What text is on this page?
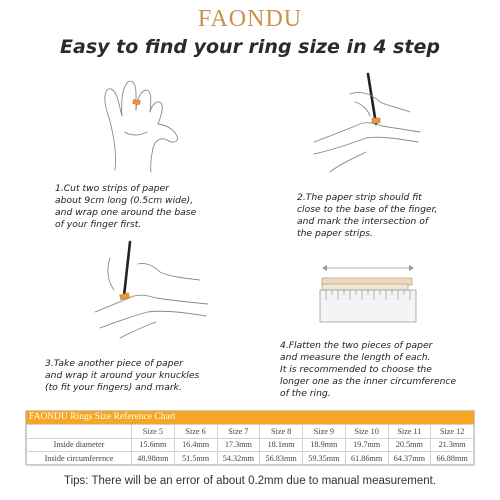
FAONDU
Easy to find your ring size in 4 step
1.Cut two strips of paper
about 9cm long (0.5cm wide),
and wrap one around the base
of your finger first.
2.The paper strip should fit
close to the base of the finger,
and mark the intersection of
the paper strips.
3.Take another piece of paper
and wrap it around your knuckles
(to fit your fingers) and mark.
4.Flatten the two pieces of paper
and measure the length of each.
It is recommended to choose the
longer one as the inner circumference
of the ring.
FAONDU Rings Size Reference Chart
	Size 5	Size 6	Size 7	Size 8	Size 9	Size 10	Size 11	Size 12
Inside diameter	15.6mm	16.4mm	17.3mm	18.1mm	18.9mm	19.7mm	20.5mm	21.3mm
Inside circumference	48.98mm	51.5mm	54.32mm	56.83mm	59.35mm	61.86mm	64.37mm	66.88mm
Tips: There will be an error of about 0.2mm due to manual measurement.
